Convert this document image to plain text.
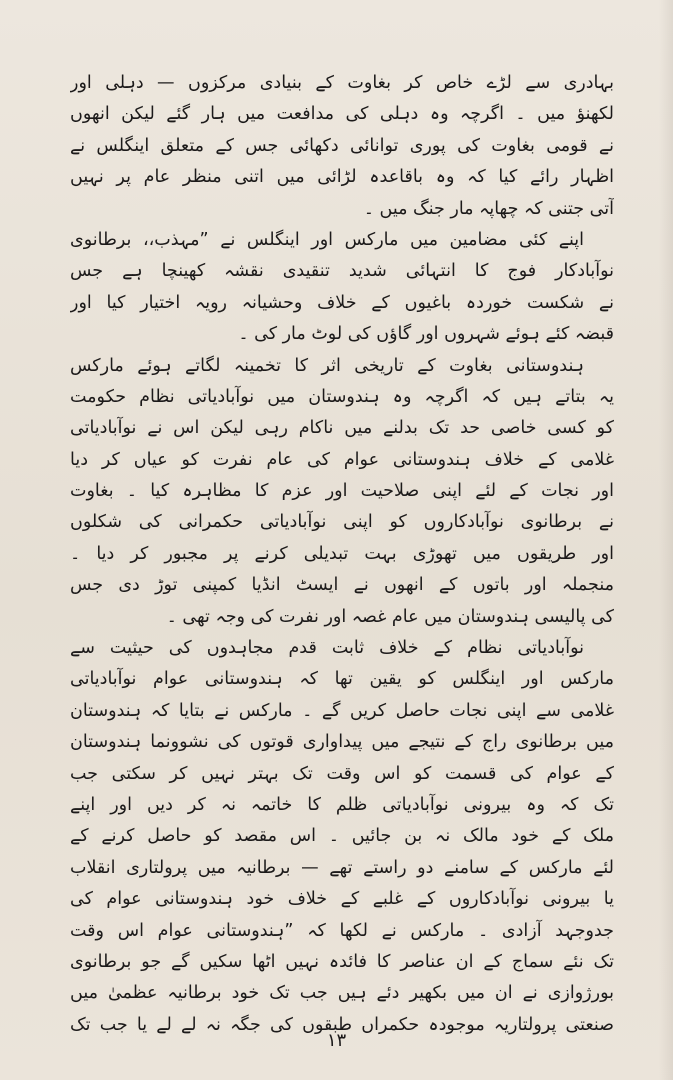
بہادری سے لڑے خاص کر بغاوت کے بنیادی مرکزوں — دہلی اور
لکھنؤ میں ۔ اگرچہ وہ دہلی کی مدافعت میں ہار گئے لیکن انھوں
نے قومی بغاوت کی پوری توانائی دکھائی جس کے متعلق اینگلس نے
اظہار رائے کیا کہ وہ باقاعدہ لڑائی میں اتنی منظر عام پر نہیں
آتی جتنی کہ چھاپہ مار جنگ میں ۔
اپنے کئی مضامین میں مارکس اور اینگلس نے ”مہذب،، برطانوی
نوآبادکار فوج کا انتہائی شدید تنقیدی نقشہ کھینچا ہے جس
نے شکست خوردہ باغیوں کے خلاف وحشیانہ رویہ اختیار کیا اور
قبضہ کئے ہوئے شہروں اور گاؤں کی لوٹ مار کی ۔
ہندوستانی بغاوت کے تاریخی اثر کا تخمینہ لگاتے ہوئے مارکس
یہ بتاتے ہیں کہ اگرچہ وہ ہندوستان میں نوآبادیاتی نظام حکومت
کو کسی خاصی حد تک بدلنے میں ناکام رہی لیکن اس نے نوآبادیاتی
غلامی کے خلاف ہندوستانی عوام کی عام نفرت کو عیاں کر دیا
اور نجات کے لئے اپنی صلاحیت اور عزم کا مظاہرہ کیا ۔ بغاوت
نے برطانوی نوآبادکاروں کو اپنی نوآبادیاتی حکمرانی کی شکلوں
اور طریقوں میں تھوڑی بہت تبدیلی کرنے پر مجبور کر دیا ۔
منجملہ اور باتوں کے انھوں نے ایسٹ انڈیا کمپنی توڑ دی جس
کی پالیسی ہندوستان میں عام غصہ اور نفرت کی وجہ تھی ۔
نوآبادیاتی نظام کے خلاف ثابت قدم مجاہدوں کی حیثیت سے
مارکس اور اینگلس کو یقین تھا کہ ہندوستانی عوام نوآبادیاتی
غلامی سے اپنی نجات حاصل کریں گے ۔ مارکس نے بتایا کہ ہندوستان
میں برطانوی راج کے نتیجے میں پیداواری قوتوں کی نشوونما ہندوستان
کے عوام کی قسمت کو اس وقت تک بہتر نہیں کر سکتی جب
تک کہ وہ بیرونی نوآبادیاتی ظلم کا خاتمہ نہ کر دیں اور اپنے
ملک کے خود مالک نہ بن جائیں ۔ اس مقصد کو حاصل کرنے کے
لئے مارکس کے سامنے دو راستے تھے — برطانیہ میں پرولتاری انقلاب
یا بیرونی نوآبادکاروں کے غلبے کے خلاف خود ہندوستانی عوام کی
جدوجہد آزادی ۔ مارکس نے لکھا کہ ”ہندوستانی عوام اس وقت
تک نئے سماج کے ان عناصر کا فائدہ نہیں اٹھا سکیں گے جو برطانوی
بورژوازی نے ان میں بکھیر دئے ہیں جب تک خود برطانیہ عظمیٰ میں
صنعتی پرولتاریہ موجودہ حکمراں طبقوں کی جگہ نہ لے لے یا جب تک
١٣
